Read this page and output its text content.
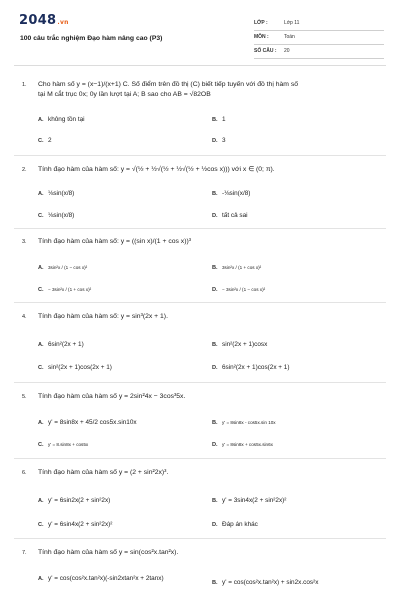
2048.vn
100 câu trắc nghiệm Đạo hàm nâng cao (P3)
LỚP :	Lớp 11
MÔN :	Toán
SỐ CÂU : 20
1. Cho hàm số y = (x−1)/(x+1) C. Số điểm trên đồ thị (C) biết tiếp tuyến với đồ thị hàm số
tại M cắt trục 0x; 0y lần lượt tại A; B sao cho AB = √82OB
A. không tồn tại	B. 1
C. 2	D. 3
2. Tính đạo hàm của hàm số: y = √(½ + ½√(½ + ½√(½ + ½cos x))) với x ∈ (0; π).
A. ⅛sin(x/8)	B. -⅛sin(x/8)
C. ⅛sin(x/8)	D. tất cả sai
3. Tính đạo hàm của hàm số: y = ((sin x)/(1 + cos x))³
A. 3sin²x / (1 − cos x)²	B. 3sin²x / (1 + cos x)²
C. − 3sin²x / (1 + cos x)²	D. − 3sin²x / (1 − cos x)²
4. Tính đạo hàm của hàm số: y = sin³(2x + 1).
A. 6sin²(2x + 1)	B. sin²(2x + 1)cosx
C. sin²(2x + 1)cos(2x + 1)	D. 6sin²(2x + 1)cos(2x + 1)
5. Tính đạo hàm của hàm số y = 2sin²4x − 3cos³5x.
A. y' = 8sin8x + 45/2 cos5x.sin10x	B. y' = 8sin8x - cos5x.sin 10x
C. y' = 8.sin8x + cos5x	D. y' = 8sin8x + cos5x.sin6x
6. Tính đạo hàm của hàm số y = (2 + sin²2x)³.
A. y' = 6sin2x(2 + sin²2x)	B. y' = 3sin4x(2 + sin²2x)²
C. y' = 6sin4x(2 + sin²2x)²	D. Đáp án khác
7. Tính đạo hàm của hàm số y = sin(cos²x.tan²x).
A. y' = cos(cos²x.tan²x)(-sin2xtan²x + 2tanx)
B. y' = cos(cos²x.tan²x) + sin2x.cos²x
